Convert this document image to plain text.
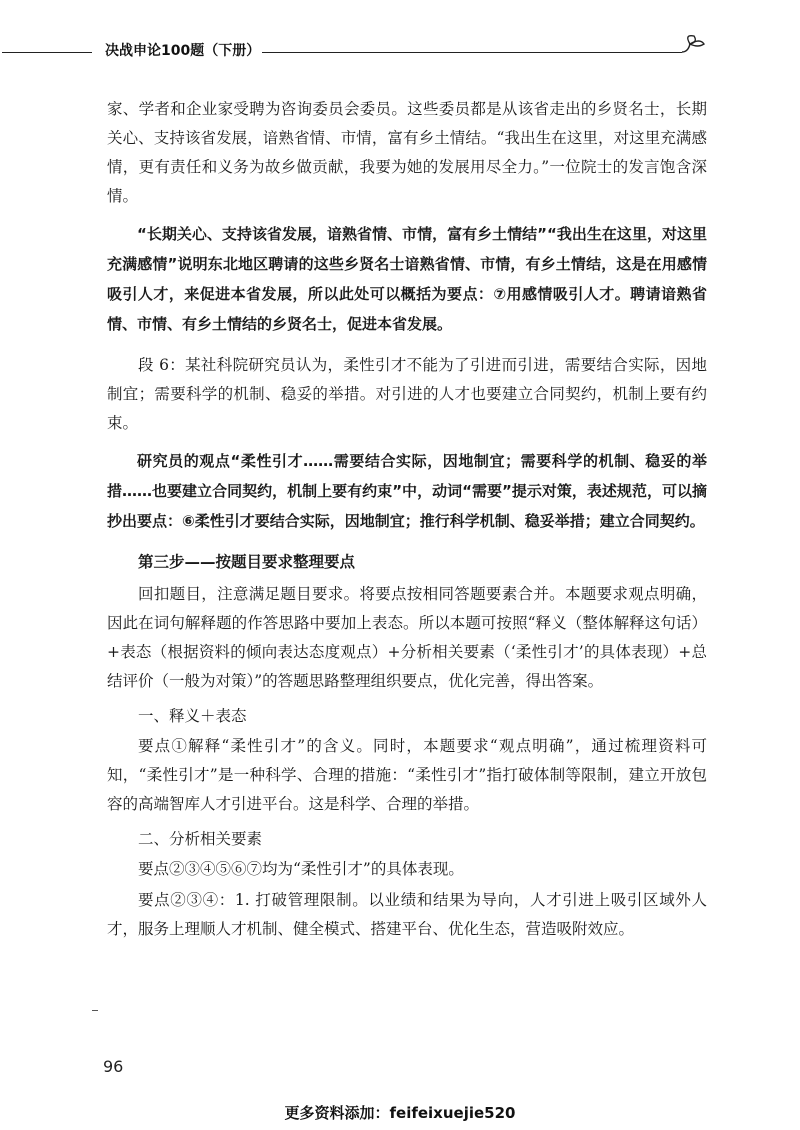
决战申论100题（下册）

家、学者和企业家受聘为咨询委员会委员。这些委员都是从该省走出的乡贤名士，长期关心、支持该省发展，谙熟省情、市情，富有乡土情结。“我出生在这里，对这里充满感情，更有责任和义务为故乡做贡献，我要为她的发展用尽全力。”一位院士的发言饱含深情。

“长期关心、支持该省发展，谙熟省情、市情，富有乡土情结”“我出生在这里，对这里充满感情”说明东北地区聘请的这些乡贤名士谙熟省情、市情，有乡土情结，这是在用感情吸引人才，来促进本省发展，所以此处可以概括为要点：⑦用感情吸引人才。聘请谙熟省情、市情、有乡土情结的乡贤名士，促进本省发展。

段 6：某社科院研究员认为，柔性引才不能为了引进而引进，需要结合实际，因地制宜；需要科学的机制、稳妥的举措。对引进的人才也要建立合同契约，机制上要有约束。

研究员的观点“柔性引才……需要结合实际，因地制宜；需要科学的机制、稳妥的举措……也要建立合同契约，机制上要有约束”中，动词“需要”提示对策，表述规范，可以摘抄出要点：⑥柔性引才要结合实际，因地制宜；推行科学机制、稳妥举措；建立合同契约。

第三步——按题目要求整理要点

回扣题目，注意满足题目要求。将要点按相同答题要素合并。本题要求观点明确，因此在词句解释题的作答思路中要加上表态。所以本题可按照“释义（整体解释这句话）+表态（根据资料的倾向表达态度观点）+分析相关要素（‘柔性引才’的具体表现）+总结评价（一般为对策）”的答题思路整理组织要点，优化完善，得出答案。

一、释义＋表态

要点①解释“柔性引才”的含义。同时，本题要求“观点明确”，通过梳理资料可知，“柔性引才”是一种科学、合理的措施：“柔性引才”指打破体制等限制，建立开放包容的高端智库人才引进平台。这是科学、合理的举措。

二、分析相关要素

要点②③④⑤⑥⑦均为“柔性引才”的具体表现。

要点②③④：1. 打破管理限制。以业绩和结果为导向，人才引进上吸引区域外人才，服务上理顺人才机制、健全模式、搭建平台、优化生态，营造吸附效应。

96
更多资料添加：feifeixuejie520
